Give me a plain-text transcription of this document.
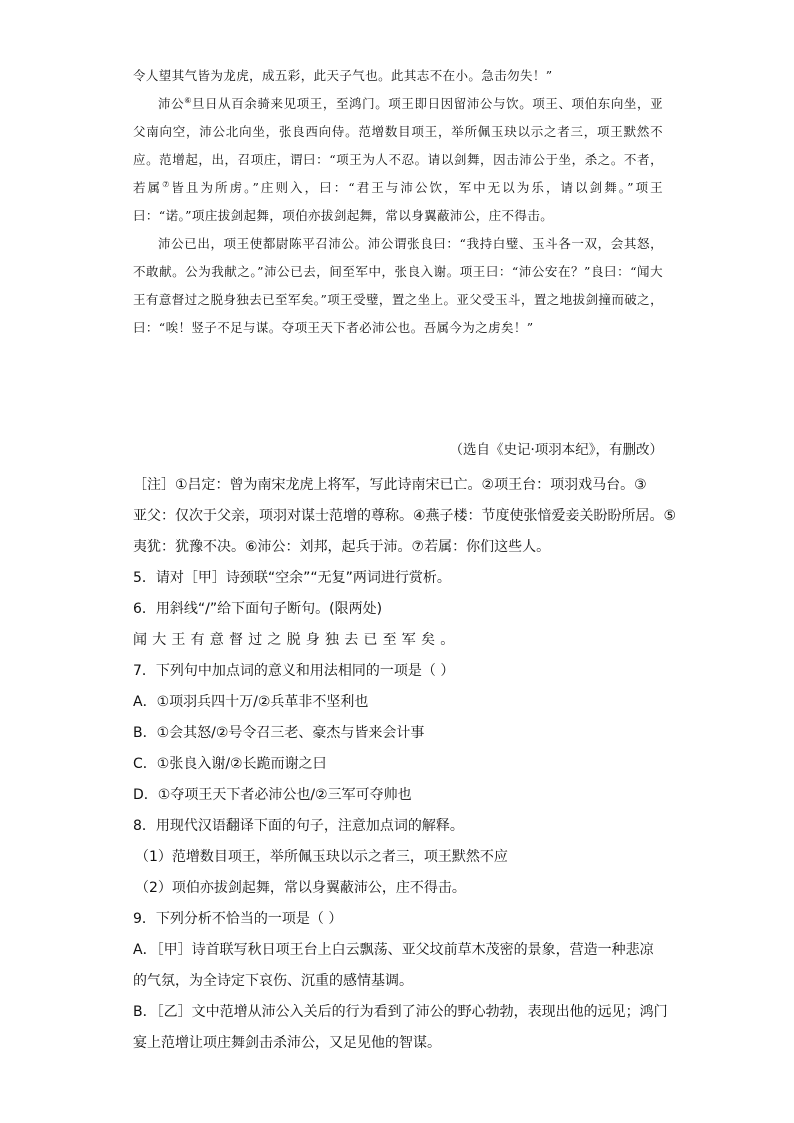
令人望其气皆为龙虎，成五彩，此天子气也。此其志不在小。急击勿失！”

沛公⑥旦日从百余骑来见项王，至鸿门。项王即日因留沛公与饮。项王、项伯东向坐，亚父南向空，沛公北向坐，张良西向侍。范增数目项王，举所佩玉玦以示之者三，项王默然不应。范增起，出，召项庄，谓曰：“项王为人不忍。请以剑舞，因击沛公于坐，杀之。不者，若属⑦皆且为所虏。”庄则入，曰：“君王与沛公饮，军中无以为乐，请以剑舞。”项王曰：“诺。”项庄拔剑起舞，项伯亦拔剑起舞，常以身翼蔽沛公，庄不得击。

沛公已出，项王使都尉陈平召沛公。沛公谓张良曰：“我持白璧、玉斗各一双，会其怒，不敢献。公为我献之。”沛公已去，间至军中，张良入谢。项王曰：“沛公安在？”良曰：“闻大王有意督过之脱身独去已至军矣。”项王受璧，置之坐上。亚父受玉斗，置之地拔剑撞而破之，曰：“唉！竖子不足与谋。夺项王天下者必沛公也。吾属今为之虏矣！”

（选自《史记·项羽本纪》，有删改）
［注］①吕定：曾为南宋龙虎上将军，写此诗南宋已亡。②项王台：项羽戏马台。③
亚父：仅次于父亲，项羽对谋士范增的尊称。④燕子楼：节度使张愔爱妾关盼盼所居。⑤
夷犹：犹豫不决。⑥沛公：刘邦，起兵于沛。⑦若属：你们这些人。
5．请对［甲］诗颈联“空余”“无复”两词进行赏析。
6．用斜线“/”给下面句子断句。(限两处)
闻大王有意督过之脱身独去已至军矣。
7．下列句中加点词的意义和用法相同的一项是（ ）
A．①项羽兵四十万/②兵革非不坚利也
B．①会其怒/②号令召三老、豪杰与皆来会计事
C．①张良入谢/②长跪而谢之曰
D．①夺项王天下者必沛公也/②三军可夺帅也
8．用现代汉语翻译下面的句子，注意加点词的解释。
（1）范增数目项王，举所佩玉玦以示之者三，项王默然不应
（2）项伯亦拔剑起舞，常以身翼蔽沛公，庄不得击。
9．下列分析不恰当的一项是（ ）
A．［甲］诗首联写秋日项王台上白云飘荡、亚父坟前草木茂密的景象，营造一种悲凉
的气氛，为全诗定下哀伤、沉重的感情基调。
B．［乙］文中范增从沛公入关后的行为看到了沛公的野心勃勃，表现出他的远见；鸿门
宴上范增让项庄舞剑击杀沛公，又足见他的智谋。
